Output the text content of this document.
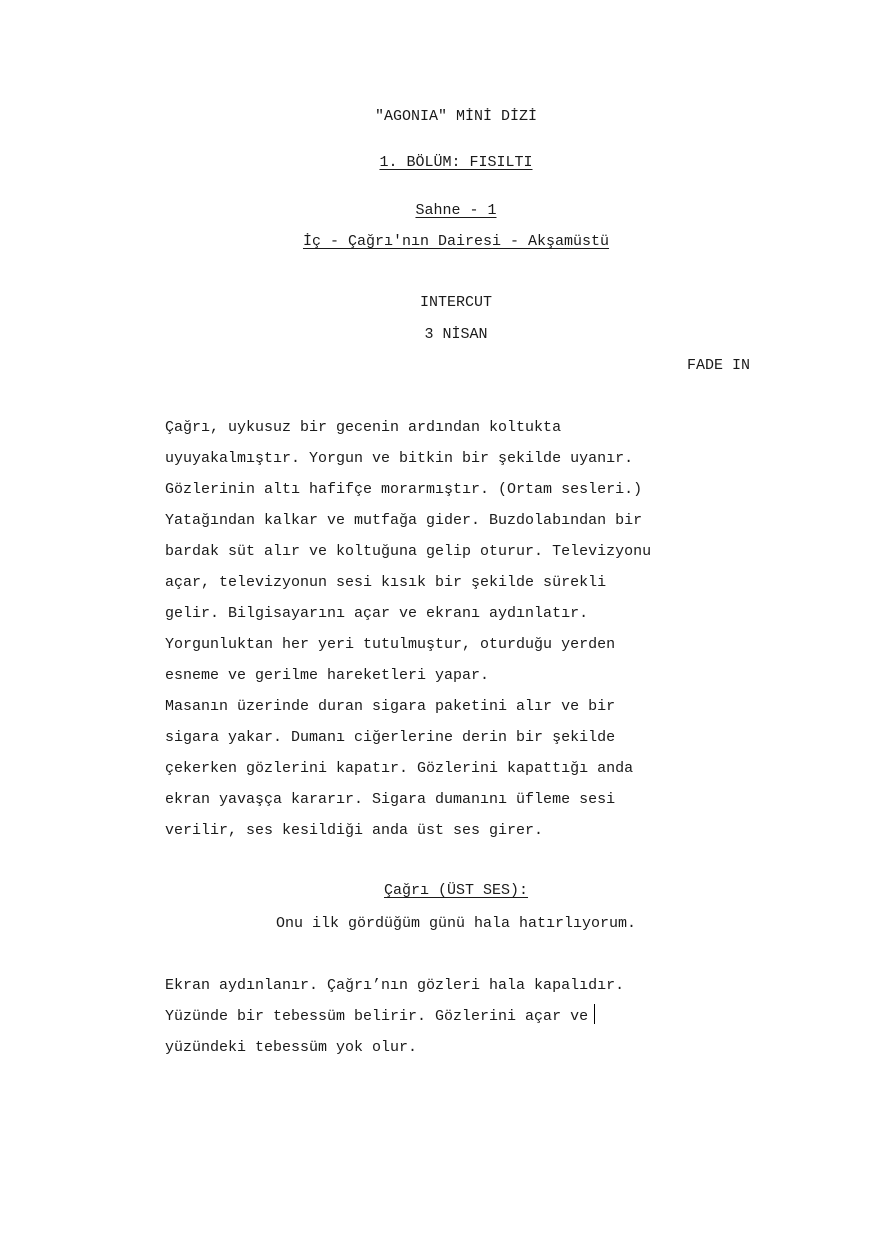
"AGONIA" MİNİ DİZİ
1. BÖLÜM: FISILTI
Sahne - 1
İç - Çağrı'nın Dairesi - Akşamüstü
INTERCUT
3 NİSAN
FADE IN
Çağrı, uykusuz bir gecenin ardından koltukta
uyuyakalmıştır. Yorgun ve bitkin bir şekilde uyanır.
Gözlerinin altı hafifçe morarmıştır. (Ortam sesleri.)
Yatağından kalkar ve mutfağa gider. Buzdolabından bir
bardak süt alır ve koltuğuna gelip oturur. Televizyonu
açar, televizyonun sesi kısık bir şekilde sürekli
gelir. Bilgisayarını açar ve ekranı aydınlatır.
Yorgunluktan her yeri tutulmuştur, oturduğu yerden
esneme ve gerilme hareketleri yapar.
Masanın üzerinde duran sigara paketini alır ve bir
sigara yakar. Dumanı ciğerlerine derin bir şekilde
çekerken gözlerini kapatır. Gözlerini kapattığı anda
ekran yavaşça kararır. Sigara dumanını üfleme sesi
verilir, ses kesildiği anda üst ses girer.
Çağrı (ÜST SES):
Onu ilk gördüğüm günü hala hatırlıyorum.
Ekran aydınlanır. Çağrı’nın gözleri hala kapalıdır.
Yüzünde bir tebessüm belirir. Gözlerini açar ve
yüzündeki tebessüm yok olur.
